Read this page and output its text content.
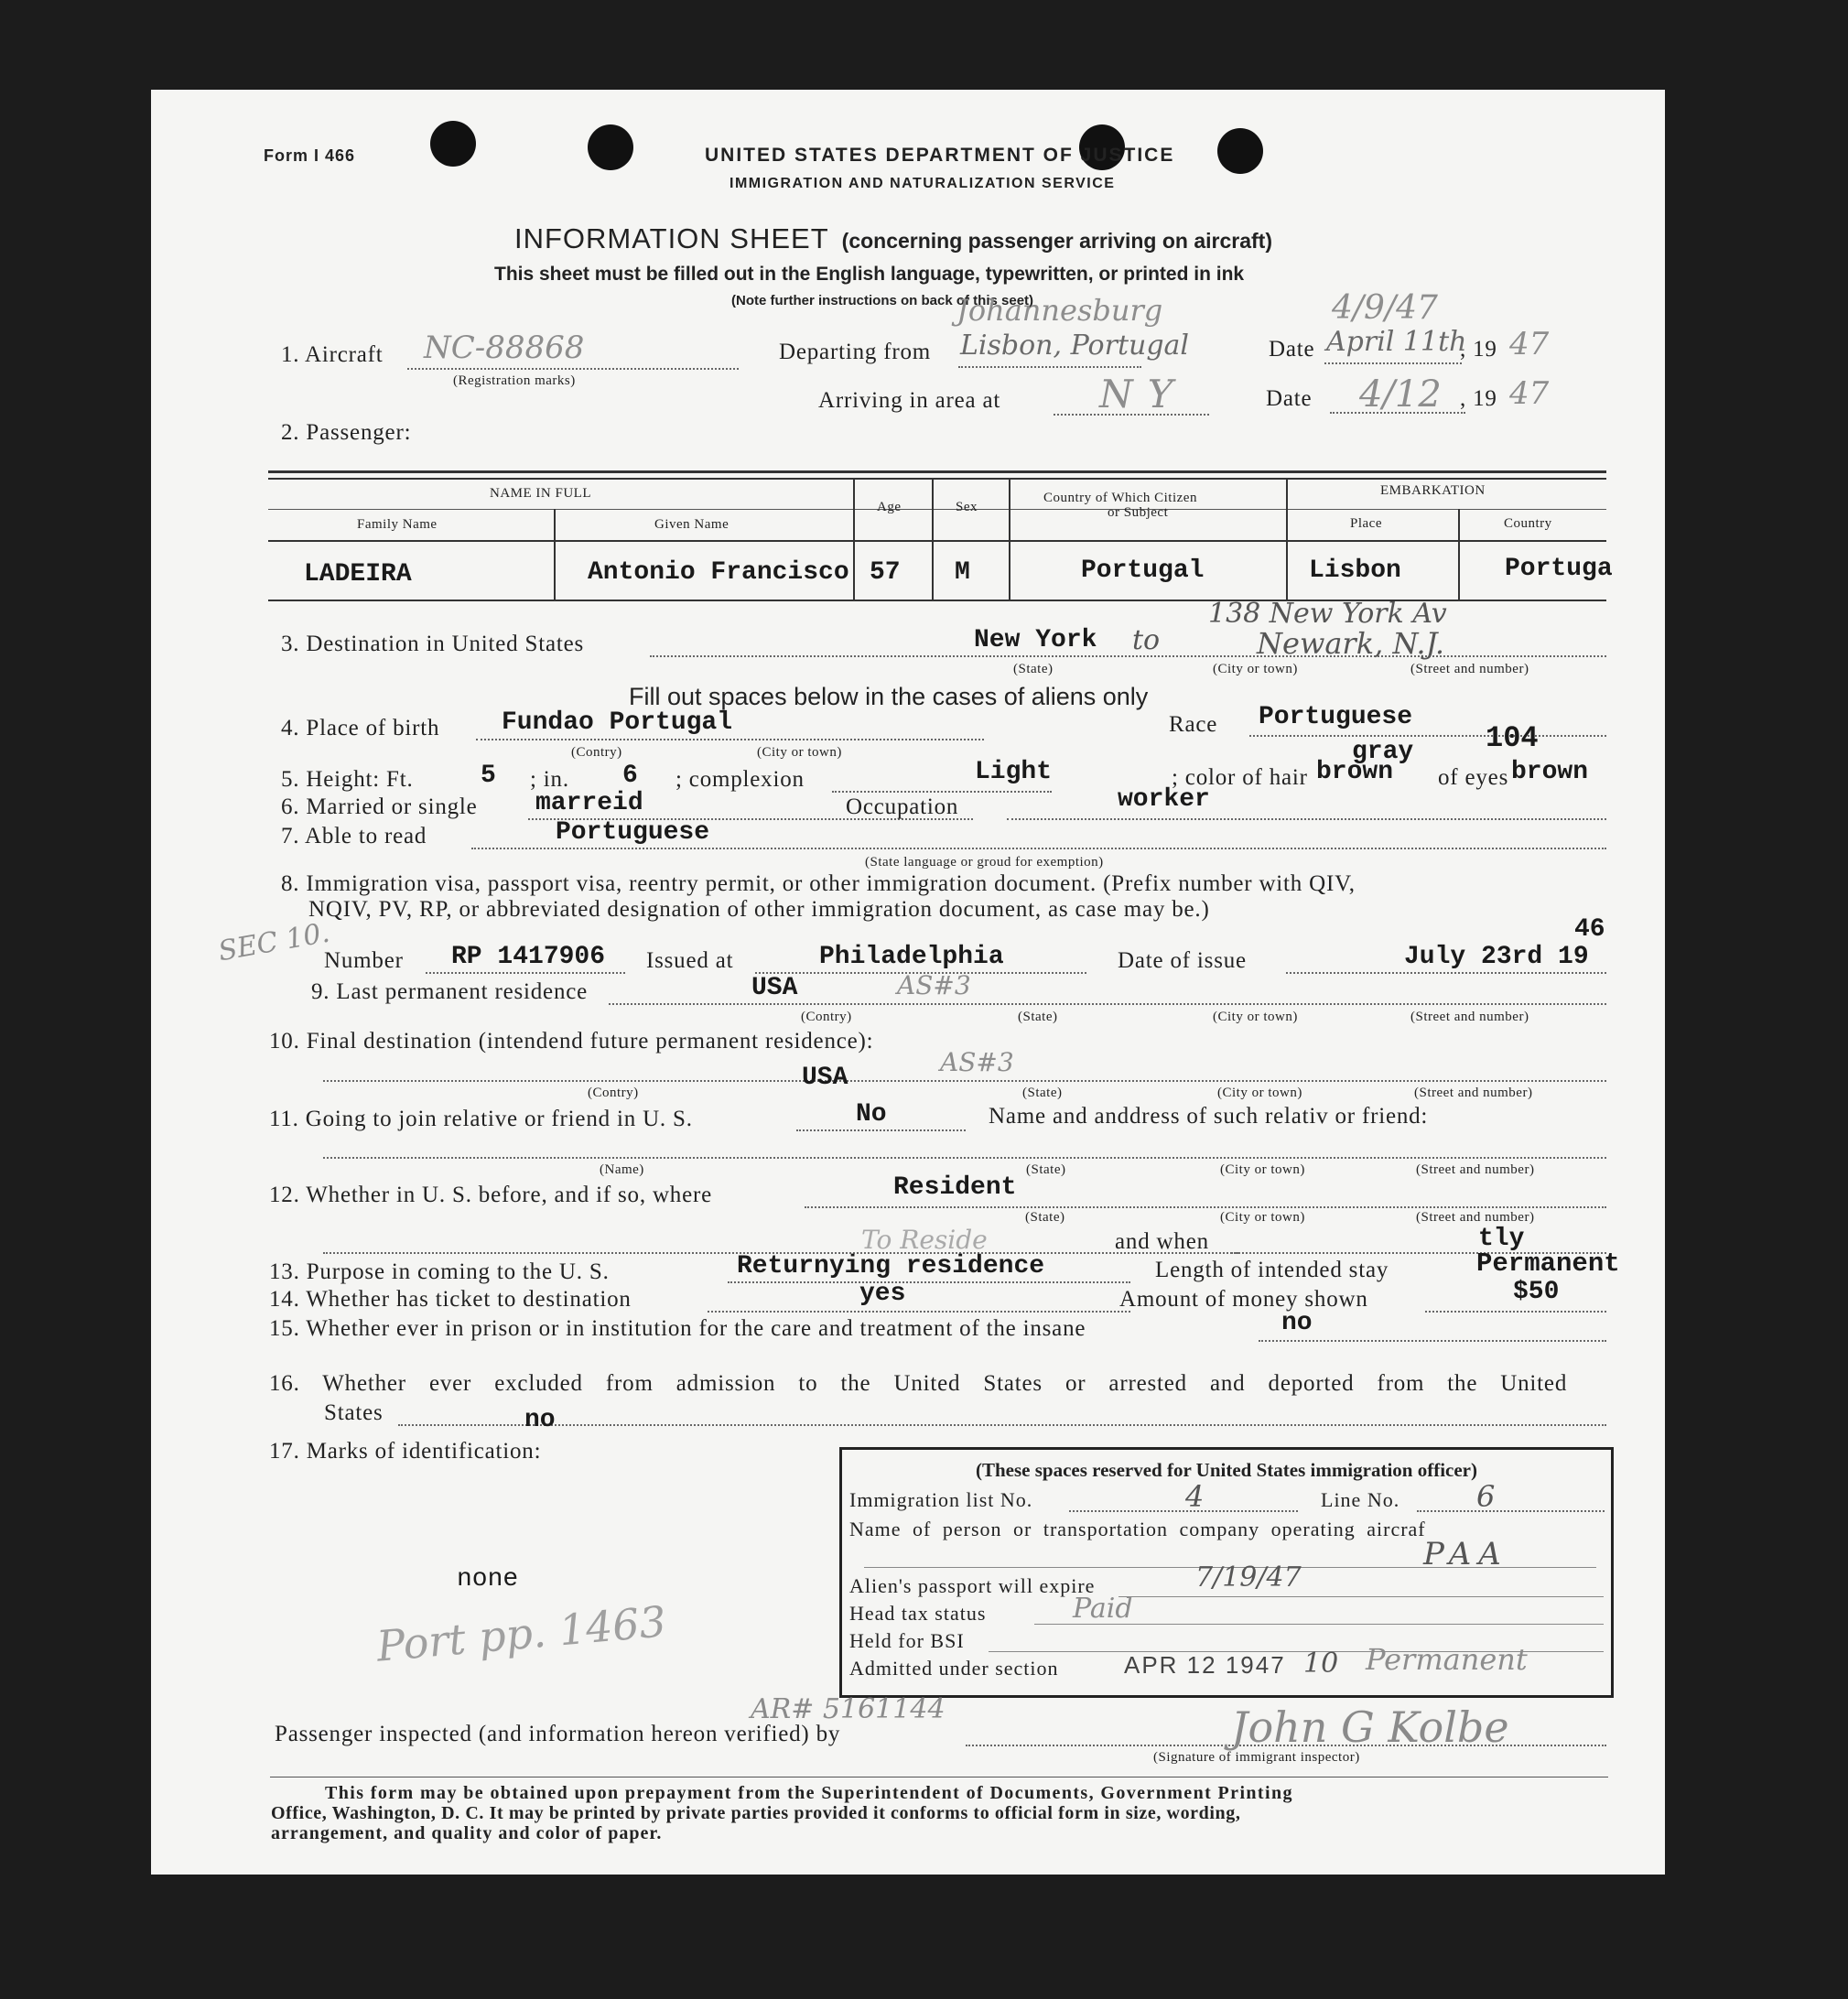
Form I 466	UNITED STATES DEPARTMENT OF JUSTICE
IMMIGRATION AND NATURALIZATION SERVICE
INFORMATION SHEET (concerning passenger arriving on aircraft)
This sheet must be filled out in the English language, typewritten, or printed in ink
(Note further instructions on back of this seet)
1. Aircraft NC-88868
(Registration marks)
Departing from Lisbon, Portugal
Johannesburg
Date April 11th
4/9/47
, 19 47
Arriving in area at	NY	Date 4/12 , 19 47
2. Passenger:
NAME IN FULL
Family Name	Given Name
Age	Sex
Country of Which Citizen
or Subject
EMBARKATION
Place	Country
LADEIRA	Antonio Francisco 57 M	Portugal	Lisbon	Portuga
3. Destination in United States	New York to
138 New York Av
Newark, N.J.
(State)	(City or town)	(Street and number)
Fill out spaces below in the cases of aliens only
4. Place of birth Fundao Portugal
(Contry)	(City or town)
Race Portuguese
5. Height: Ft.	5 ; in. 6 ; complexion	Light	; color of hair brown
gray 104
of eyes brown
6. Married or single marreid	Occupation	worker
7. Able to read	Portuguese
(State language or groud for exemption)
8. Immigration visa, passport visa, reentry permit, or other immigration document. (Prefix number with QIV,
NQIV, PV, RP, or abbreviated designation of other immigration document, as case may be.)
SEC 10.
Number RP 1417906 Issued at	Philadelphia	Date of issue	July 23rd 19
46
9. Last permanent residence	USA	AS#3
(Contry)	(State)	(City or town)	(Street and number)
10. Final destination (intendend future permanent residence):
AS#3
USA
(Contry)	(State)	(City or town)	(Street and number)
11. Going to join relative or friend in U. S.	No	Name and anddress of such relativ or friend:
(Name)	(State)	(City or town)	(Street and number)
12. Whether in U. S. before, and if so, where	Resident
(State)	(City or town)	(Street and number)
To Reside	and when
13. Purpose in coming to the U. S.	Returnying residence	Length of intended stay
tly
Permanent
14. Whether has ticket to destination	yes	Amount of money shown	$50
15. Whether ever in prison or in institution for the care and treatment of the insane	no
16. Whether ever excluded from admission to the United States or arrested and deported from the United
States	no
17. Marks of identification:
none
Port pp. 1463
(These spaces reserved for United States immigration officer)
Immigration list No.	4	Line No.	6
Name of person or transportation company operating aircraf
PAA
Alien's passport will expire	7/19/47
Head tax status	Paid
Held for BSI
Admitted under section	APR 12 1947 10 Permanent
AR# 5161144
Passenger inspected (and information hereon verified) by	John G Kolbe
(Signature of immigrant inspector)
This form may be obtained upon prepayment from the Superintendent of Documents, Government Printing
Office, Washington, D. C. It may be printed by private parties provided it conforms to official form in size, wording,
arrangement, and quality and color of paper.
